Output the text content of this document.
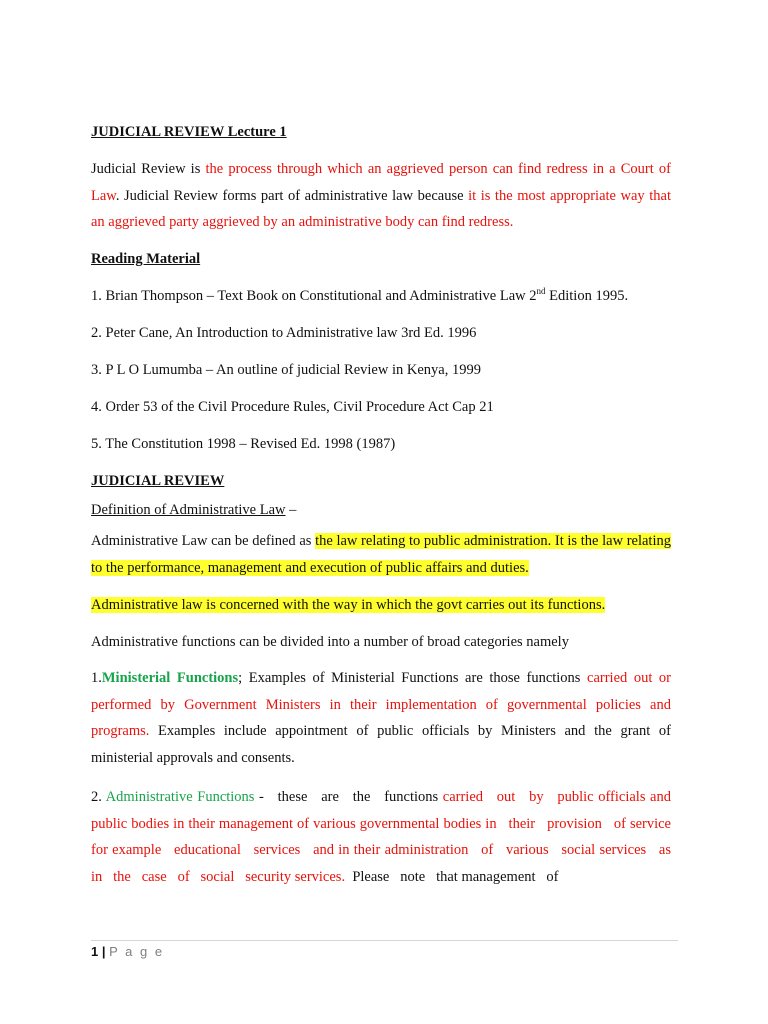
JUDICIAL REVIEW Lecture 1

Judicial Review is the process through which an aggrieved person can find redress in a Court of Law. Judicial Review forms part of administrative law because it is the most appropriate way that an aggrieved party aggrieved by an administrative body can find redress.

Reading Material
1. Brian Thompson – Text Book on Constitutional and Administrative Law 2nd Edition 1995.
2. Peter Cane, An Introduction to Administrative law 3rd Ed. 1996
3. P L O Lumumba – An outline of judicial Review in Kenya, 1999
4. Order 53 of the Civil Procedure Rules, Civil Procedure Act Cap 21
5. The Constitution 1998 – Revised Ed. 1998 (1987)
JUDICIAL REVIEW
Definition of Administrative Law –

Administrative Law can be defined as the law relating to public administration. It is the law relating to the performance, management and execution of public affairs and duties.

Administrative law is concerned with the way in which the govt carries out its functions.
Administrative functions can be divided into a number of broad categories namely

1.Ministerial Functions; Examples of Ministerial Functions are those functions carried out or performed by Government Ministers in their implementation of governmental policies and programs. Examples include appointment of public officials by Ministers and the grant of ministerial approvals and consents.

2. Administrative Functions -   these   are   the   functions carried   out   by   public officials and public bodies in their management of various governmental bodies in   their   provision   of service for example   educational   services   and in their administration   of   various   social services   as   in   the   case   of   social   security services.  Please   note   that management   of

1 | P a g e
